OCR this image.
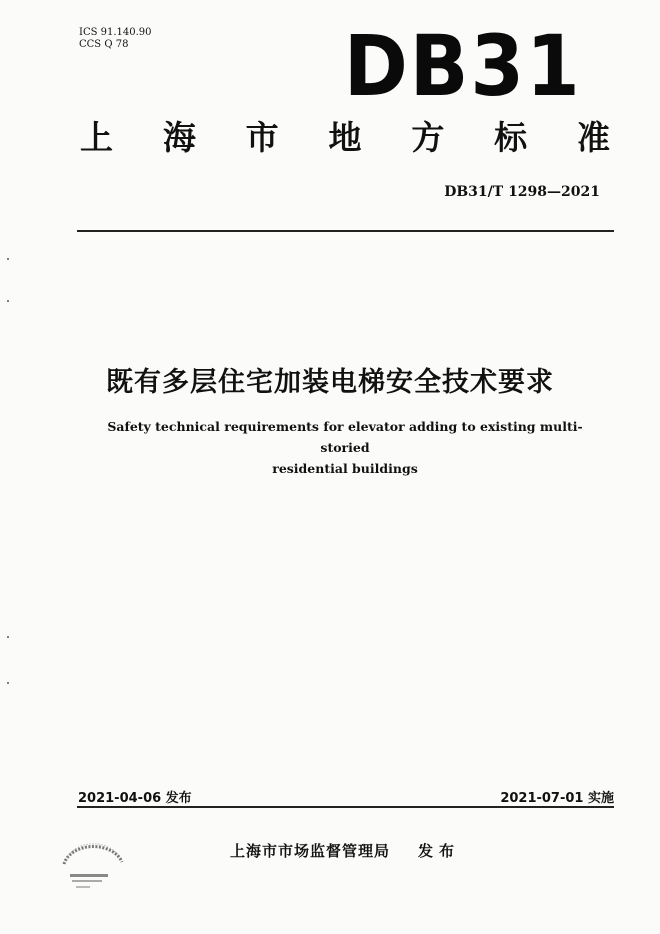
ICS 91.140.90
CCS Q 78	DB31
上 海 市 地 方 标 准
DB31/T 1298—2021
既有多层住宅加装电梯安全技术要求
Safety technical requirements for elevator adding to existing multi-storied
residential buildings
2021-04-06 发布	2021-07-01 实施
上海市市场监督管理局 发布
